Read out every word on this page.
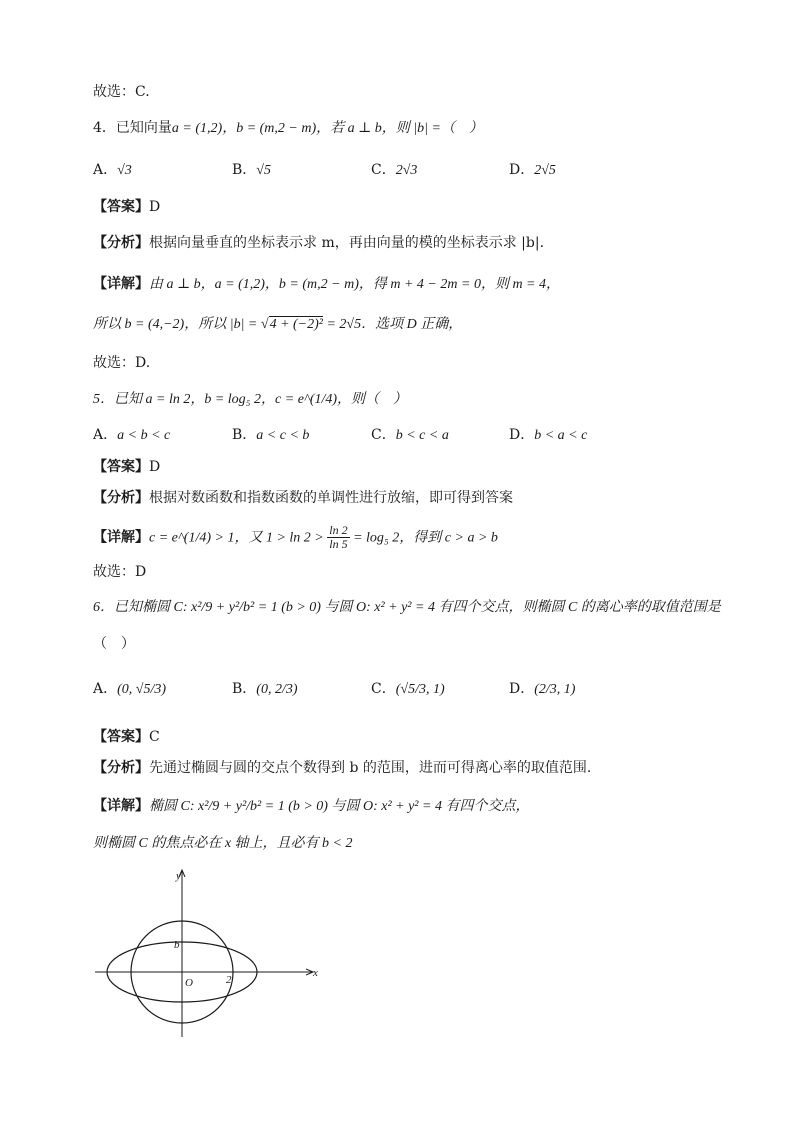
故选：C.
4．已知向量a = (1,2)，b = (m,2 − m)，若 a ⊥ b，则 |b| =（　）
A．√3	B．√5	C．2√3	D．2√5
【答案】D
【分析】根据向量垂直的坐标表示求 m，再由向量的模的坐标表示求 |b|.
【详解】由 a ⊥ b，a = (1,2)，b = (m,2 − m)，得 m + 4 − 2m = 0，则 m = 4，
所以 b = (4,−2)，所以 |b| = √4 + (−2)² = 2√5．选项 D 正确，
故选：D.
5．已知 a = ln 2，b = log₅ 2，c = e^(1/4)，则（　）
A．a < b < c	B．a < c < b	C．b < c < a	D．b < a < c
【答案】D
【分析】根据对数函数和指数函数的单调性进行放缩，即可得到答案
【详解】c = e^(1/4) > 1，又 $1 > \ln 2 > \frac{\ln 2}{\ln 5} = \log_5$ 2，得到 c > a > b
故选：D
6．已知椭圆 C: x²/9 + y²/b² = 1 (b > 0) 与圆 O: x² + y² = 4 有四个交点，则椭圆 C 的离心率的取值范围是
（　）
A．(0, √5/3)	B．(0, 2/3)	C．(√5/3, 1)	D．(2/3, 1)
【答案】C
【分析】先通过椭圆与圆的交点个数得到 b 的范围，进而可得离心率的取值范围.
【详解】椭圆 C: x²/9 + y²/b² = 1 (b > 0) 与圆 O: x² + y² = 4 有四个交点，
则椭圆 C 的焦点必在 x 轴上，且必有 b < 2
y
x
b
O	2
